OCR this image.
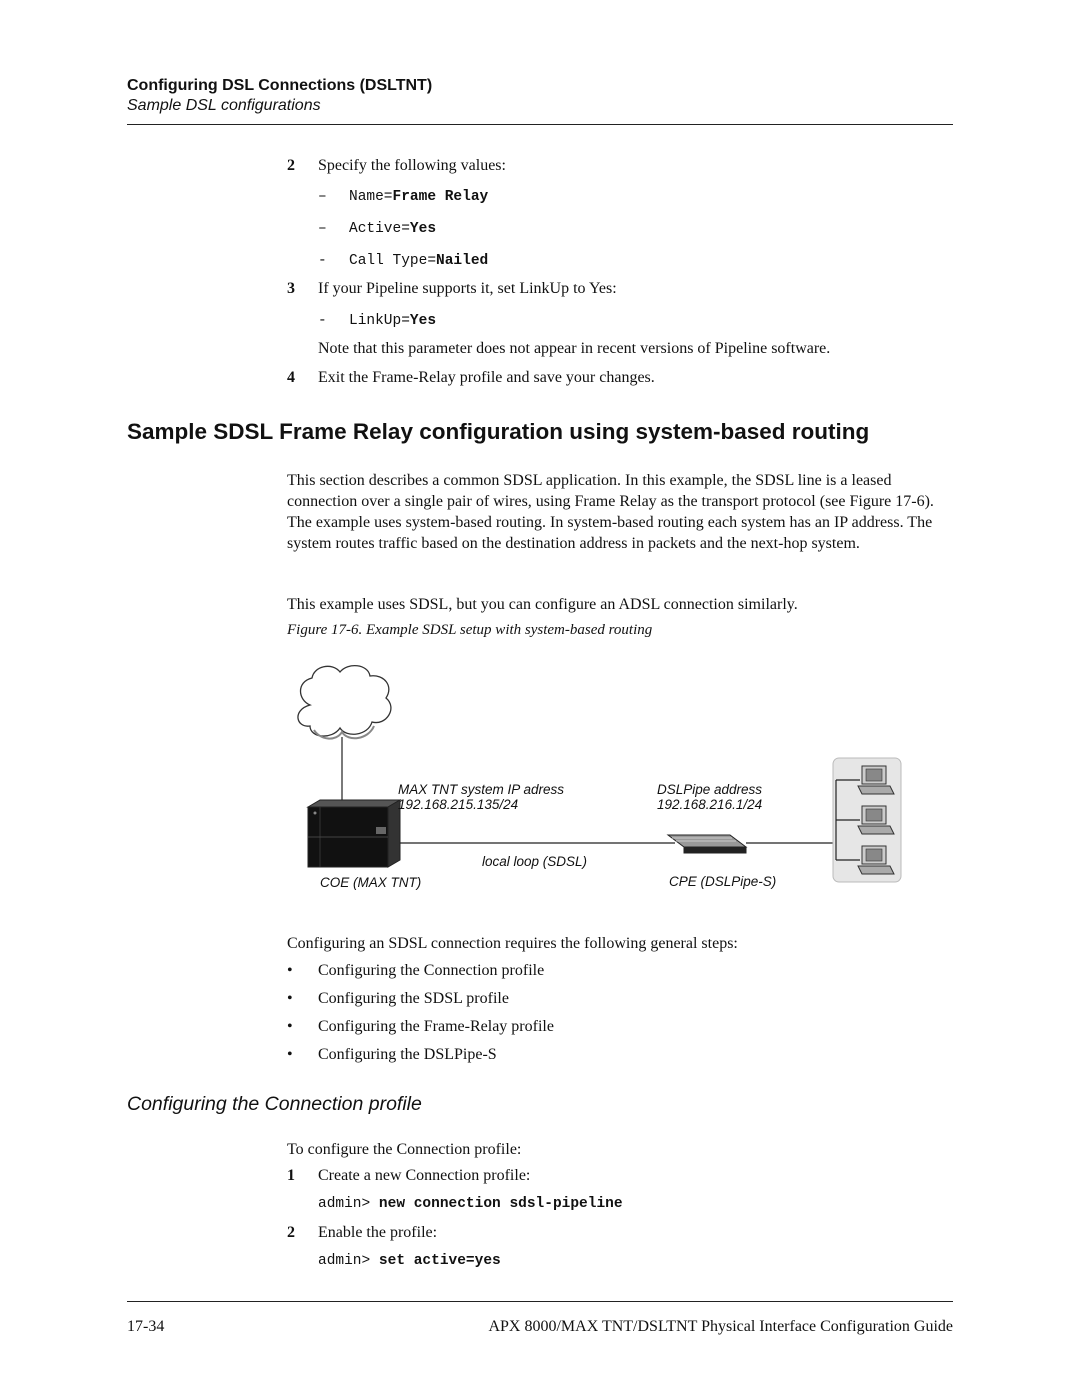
Configuring DSL Connections (DSLTNT)
Sample DSL configurations
2 Specify the following values:
– Name=Frame Relay
– Active=Yes
- Call Type=Nailed
3 If your Pipeline supports it, set LinkUp to Yes:
- LinkUp=Yes
Note that this parameter does not appear in recent versions of Pipeline software.
4 Exit the Frame-Relay profile and save your changes.
Sample SDSL Frame Relay configuration using system-based routing
This section describes a common SDSL application. In this example, the SDSL line is a leased connection over a single pair of wires, using Frame Relay as the transport protocol (see Figure 17-6). The example uses system-based routing. In system-based routing each system has an IP address. The system routes traffic based on the destination address in packets and the next-hop system.
This example uses SDSL, but you can configure an ADSL connection similarly.
Figure 17-6. Example SDSL setup with system-based routing
MAX TNT system IP adress
192.168.215.135/24
DSLPipe address
192.168.216.1/24
local loop (SDSL)
COE (MAX TNT)	CPE (DSLPipe-S)
Configuring an SDSL connection requires the following general steps:
• Configuring the Connection profile
• Configuring the SDSL profile
• Configuring the Frame-Relay profile
• Configuring the DSLPipe-S
Configuring the Connection profile
To configure the Connection profile:
1 Create a new Connection profile:
admin> new connection sdsl-pipeline
2 Enable the profile:
admin> set active=yes
17-34	APX 8000/MAX TNT/DSLTNT Physical Interface Configuration Guide
